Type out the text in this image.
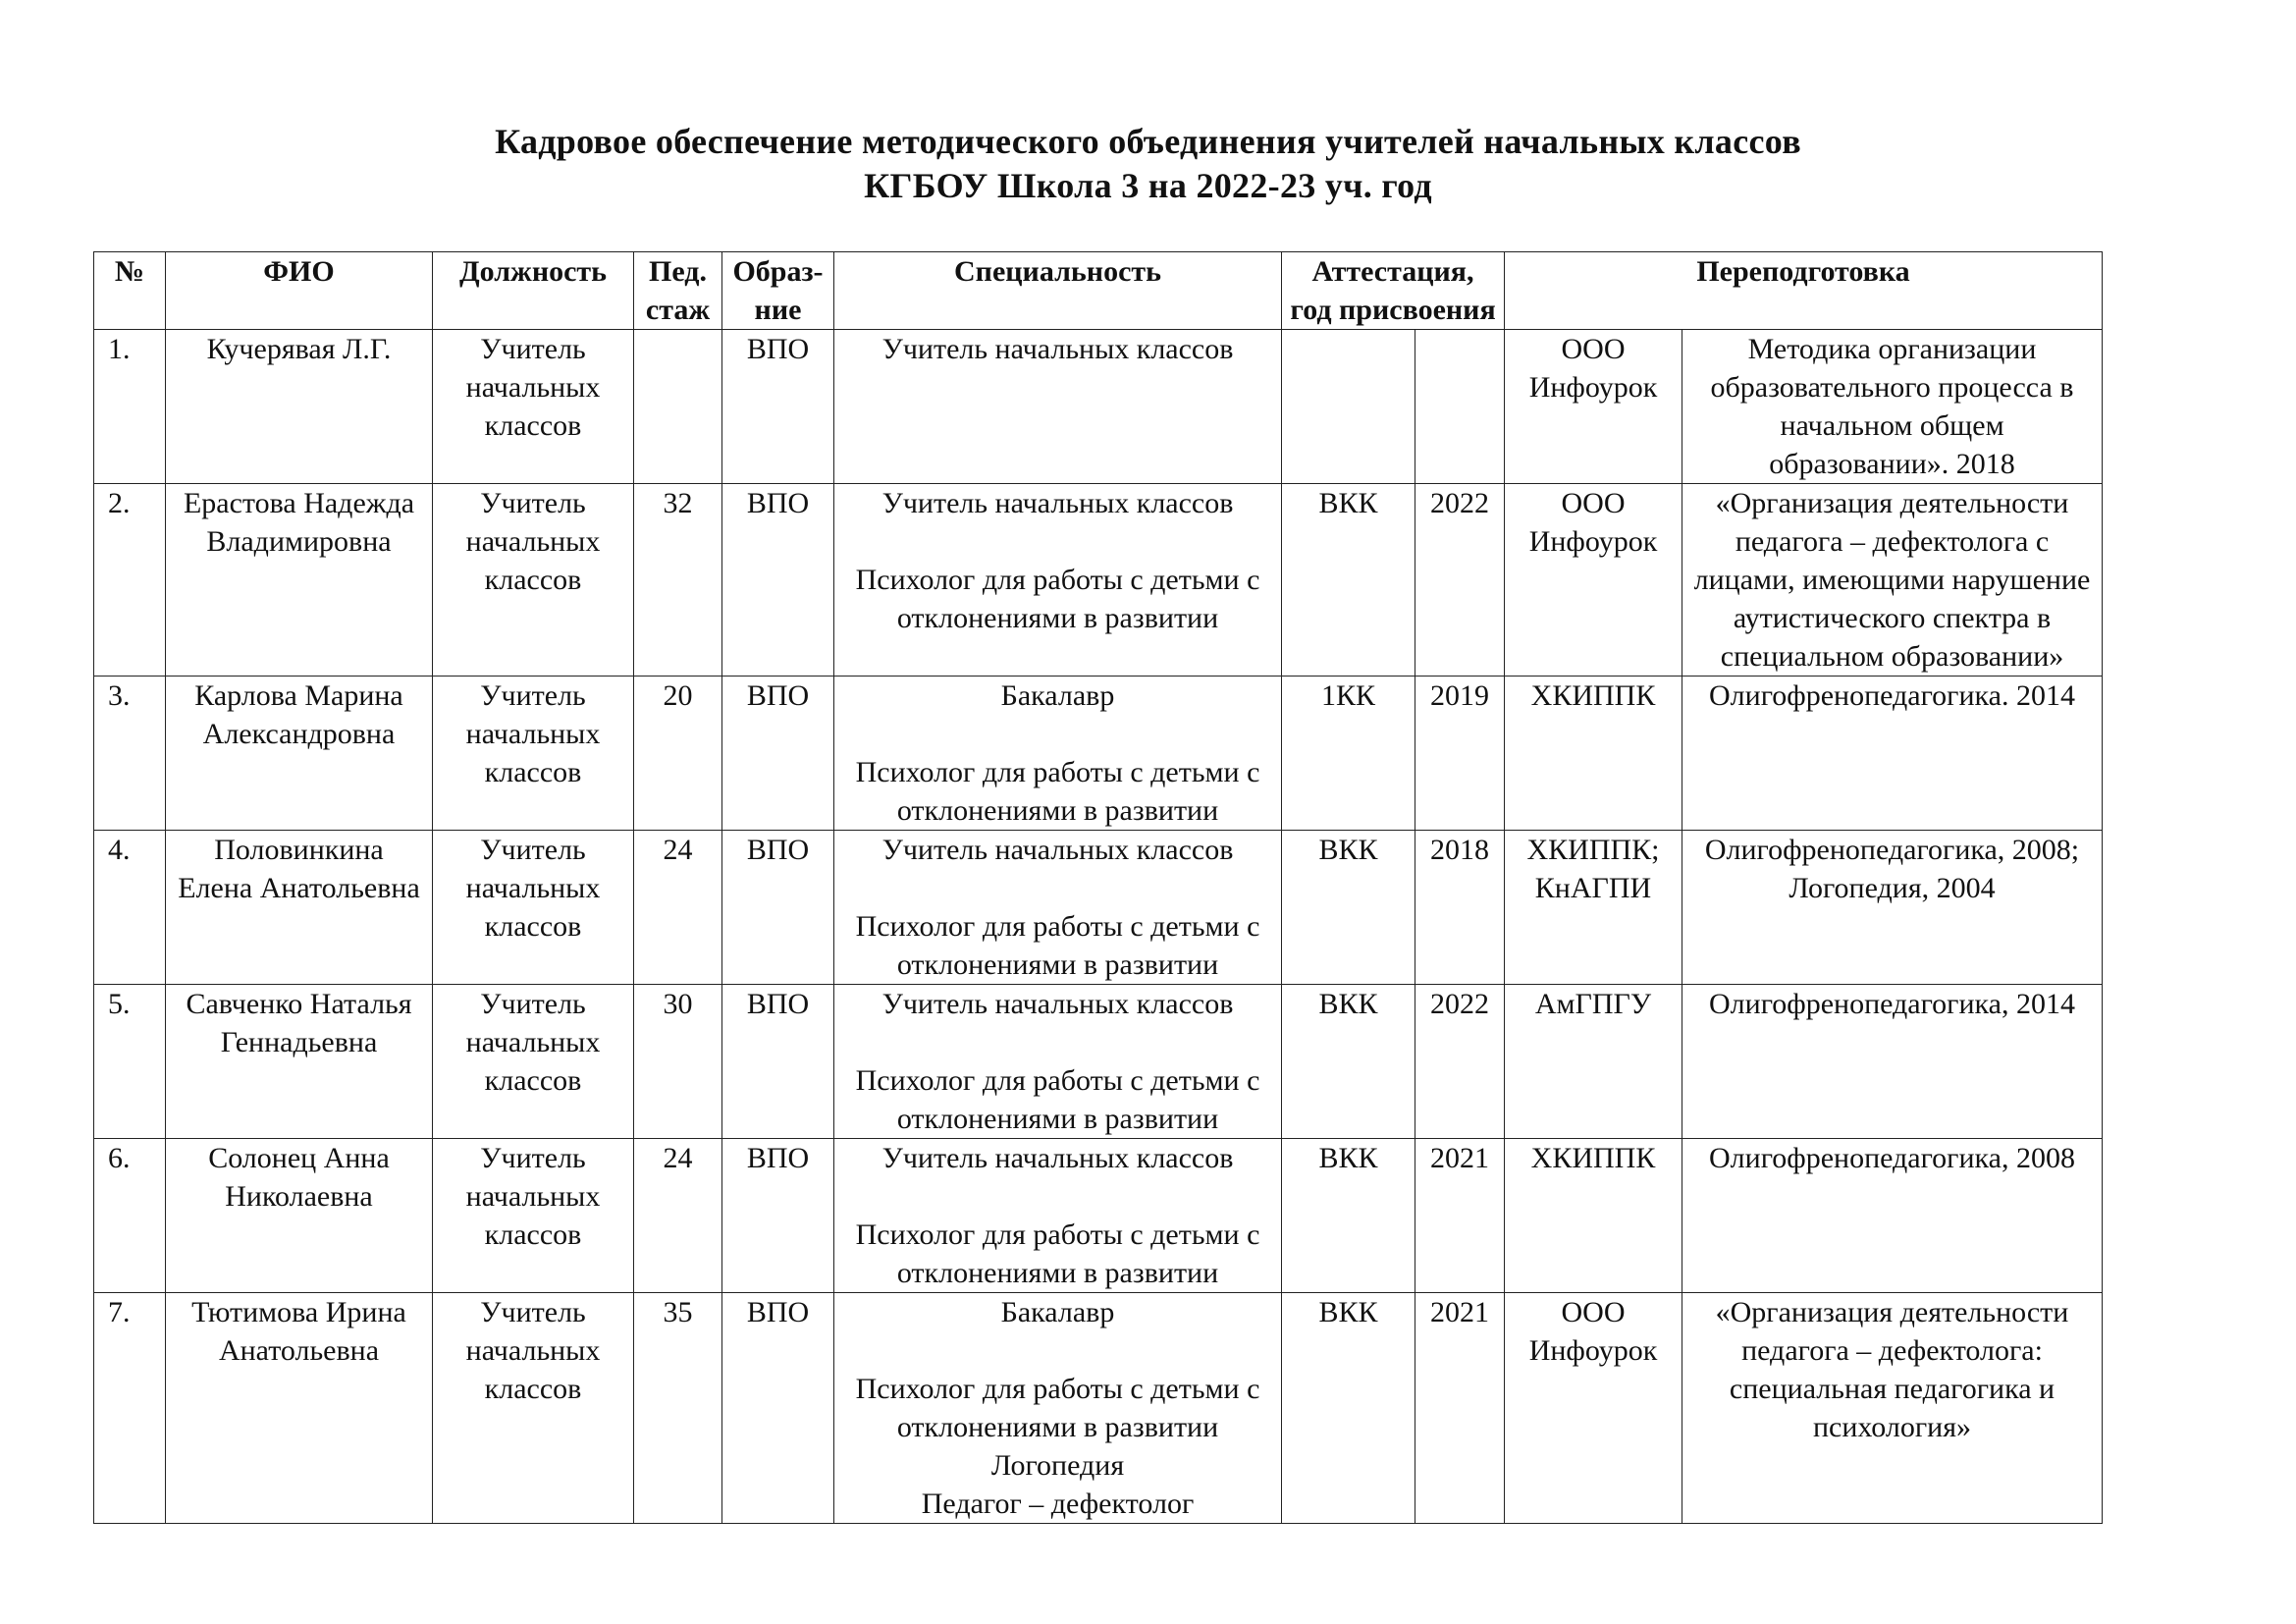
Кадровое обеспечение методического объединения учителей начальных классов
КГБОУ Школа 3 на 2022-23 уч. год
№	ФИО	Должность	Пед.
стаж	Образ-
ние	Специальность	Аттестация,
год присвоения		Переподготовка	
1.	Кучерявая Л.Г.	Учитель
начальных
классов		ВПО	Учитель начальных классов			ООО
Инфоурок	Методика организации
образовательного процесса в
начальном общем
образовании». 2018

2.	Ерастова Надежда
Владимировна	Учитель
начальных
классов	32	ВПО	Учитель начальных классов
Психолог для работы с детьми с
отклонениями в развитии	ВКК	2022	ООО
Инфоурок	«Организация деятельности
педагога – дефектолога с
лицами, имеющими нарушение
аутистического спектра в
специальном образовании»

3.	Карлова Марина
Александровна	Учитель
начальных
классов	20	ВПО	Бакалавр
Психолог для работы с детьми с
отклонениями в развитии	1КК	2019	ХКИППК	Олигофренопедагогика. 2014

4.	Половинкина
Елена Анатольевна	Учитель
начальных
классов	24	ВПО	Учитель начальных классов
Психолог для работы с детьми с
отклонениями в развитии	ВКК	2018	ХКИППК;
КнАГПИ	Олигофренопедагогика, 2008;
Логопедия, 2004

5.	Савченко Наталья
Геннадьевна	Учитель
начальных
классов	30	ВПО	Учитель начальных классов
Психолог для работы с детьми с
отклонениями в развитии	ВКК	2022	АмГПГУ	Олигофренопедагогика, 2014

6.	Солонец Анна
Николаевна	Учитель
начальных
классов	24	ВПО	Учитель начальных классов
Психолог для работы с детьми с
отклонениями в развитии	ВКК	2021	ХКИППК	Олигофренопедагогика, 2008

7.	Тютимова Ирина
Анатольевна	Учитель
начальных
классов	35	ВПО	Бакалавр
Психолог для работы с детьми с
отклонениями в развитии
Логопедия
Педагог – дефектолог	ВКК	2021	ООО
Инфоурок	«Организация деятельности
педагога – дефектолога:
специальная педагогика и
психология»
